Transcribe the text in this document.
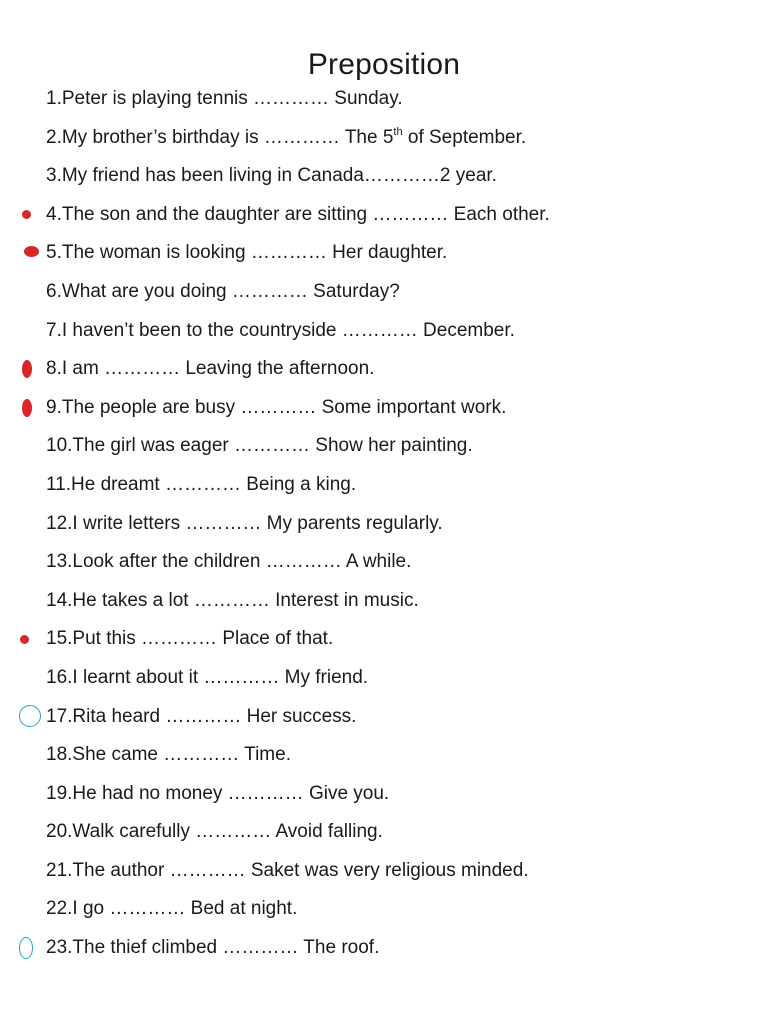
Preposition
1.Peter is playing tennis ………… Sunday.
2.My brother’s birthday is ………… The 5th of September.
3.My friend has been living in Canada…………2 year.
4.The son and the daughter are sitting ………… Each other.
5.The woman is looking ………… Her daughter.
6.What are you doing ………… Saturday?
7.I haven’t been to the countryside ………… December.
8.I am ………… Leaving the afternoon.
9.The people are busy ………… Some important work.
10.The girl was eager ………… Show her painting.
11.He dreamt ………… Being a king.
12.I write letters ………… My parents regularly.
13.Look after the children ………… A while.
14.He takes a lot ………… Interest in music.
15.Put this ………… Place of that.
16.I learnt about it ………… My friend.
17.Rita heard ………… Her success.
18.She came ………… Time.
19.He had no money ………… Give you.
20.Walk carefully ………… Avoid falling.
21.The author ………… Saket was very religious minded.
22.I go ………… Bed at night.
23.The thief climbed ………… The roof.
